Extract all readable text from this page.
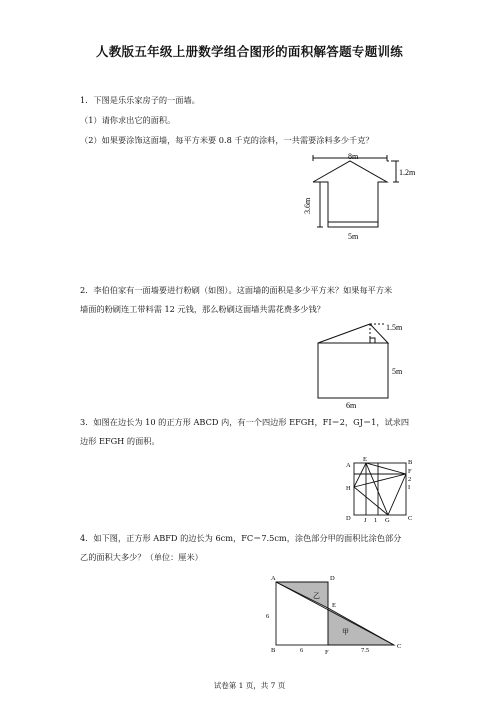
人教版五年级上册数学组合图形的面积解答题专题训练
1．下图是乐乐家房子的一面墙。
（1）请你求出它的面积。
（2）如果要涂饰这面墙，每平方米要 0.8 千克的涂料，一共需要涂料多少千克？
8m
1.2m
3.6m
5m
2．李伯伯家有一面墙要进行粉刷（如图）。这面墙的面积是多少平方米？如果每平方米
墙面的粉刷连工带料需 12 元钱，那么粉刷这面墙共需花费多少钱？
1.5m
5m
6m
3．如图在边长为 10 的正方形 ABCD 内，有一个四边形 EFGH，FI＝2，GJ＝1，试求四
边形 EFGH 的面积。
A
E	B
F
2
I
H
D J 1 G	C
4．如下图，正方形 ABFD 的边长为 6cm，FC＝7.5cm，涂色部分甲的面积比涂色部分
乙的面积大多少？（单位：厘米）
A	D
乙
E
6
甲
B	6	F	7.5
C
试卷第 1 页，共 7 页
